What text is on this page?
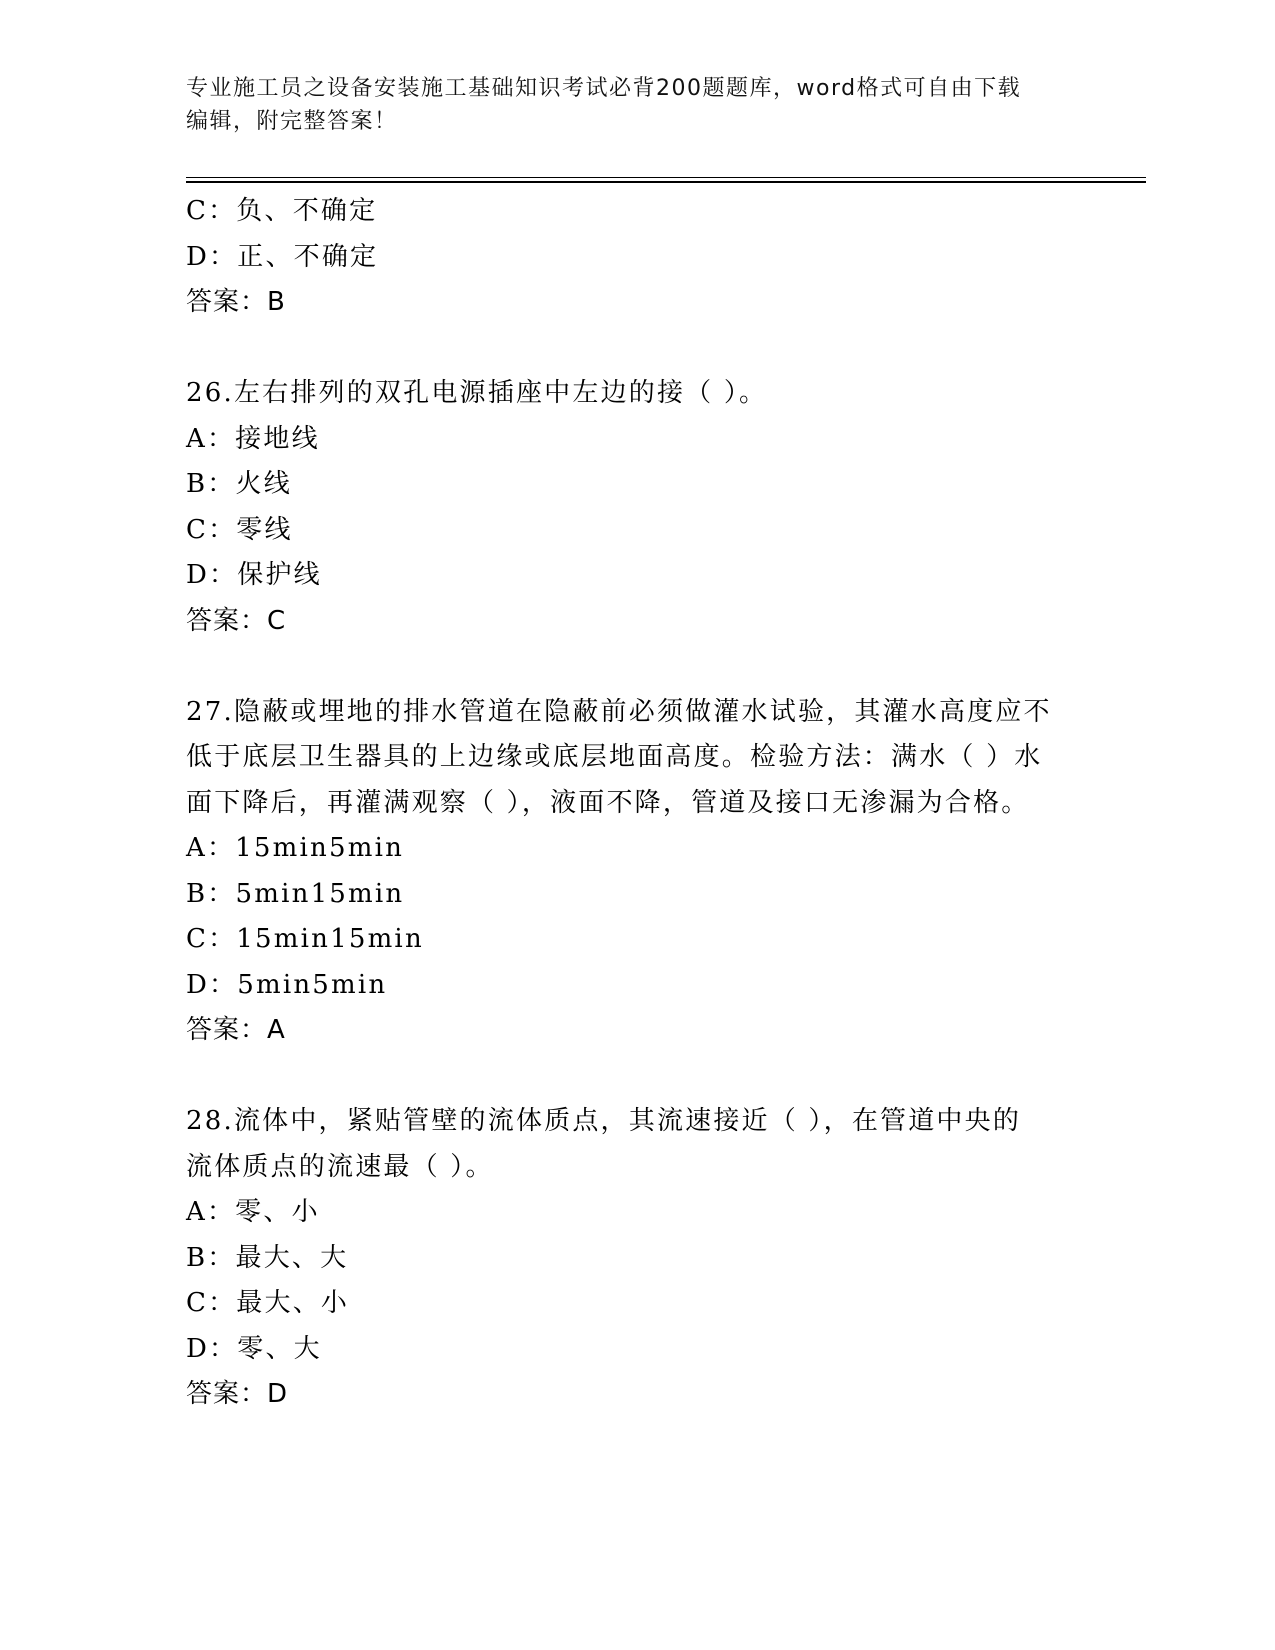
专业施工员之设备安装施工基础知识考试必背200题题库，word格式可自由下载
编辑，附完整答案！
C：负、不确定
D：正、不确定
答案：B
26.左右排列的双孔电源插座中左边的接（ ）。
A：接地线
B：火线
C：零线
D：保护线
答案：C
27.隐蔽或埋地的排水管道在隐蔽前必须做灌水试验，其灌水高度应不
低于底层卫生器具的上边缘或底层地面高度。检验方法：满水（ ）水
面下降后，再灌满观察（ ），液面不降，管道及接口无渗漏为合格。
A：15min5min
B：5min15min
C：15min15min
D：5min5min
答案：A
28.流体中，紧贴管壁的流体质点，其流速接近（ ），在管道中央的
流体质点的流速最（ ）。
A：零、小
B：最大、大
C：最大、小
D：零、大
答案：D
